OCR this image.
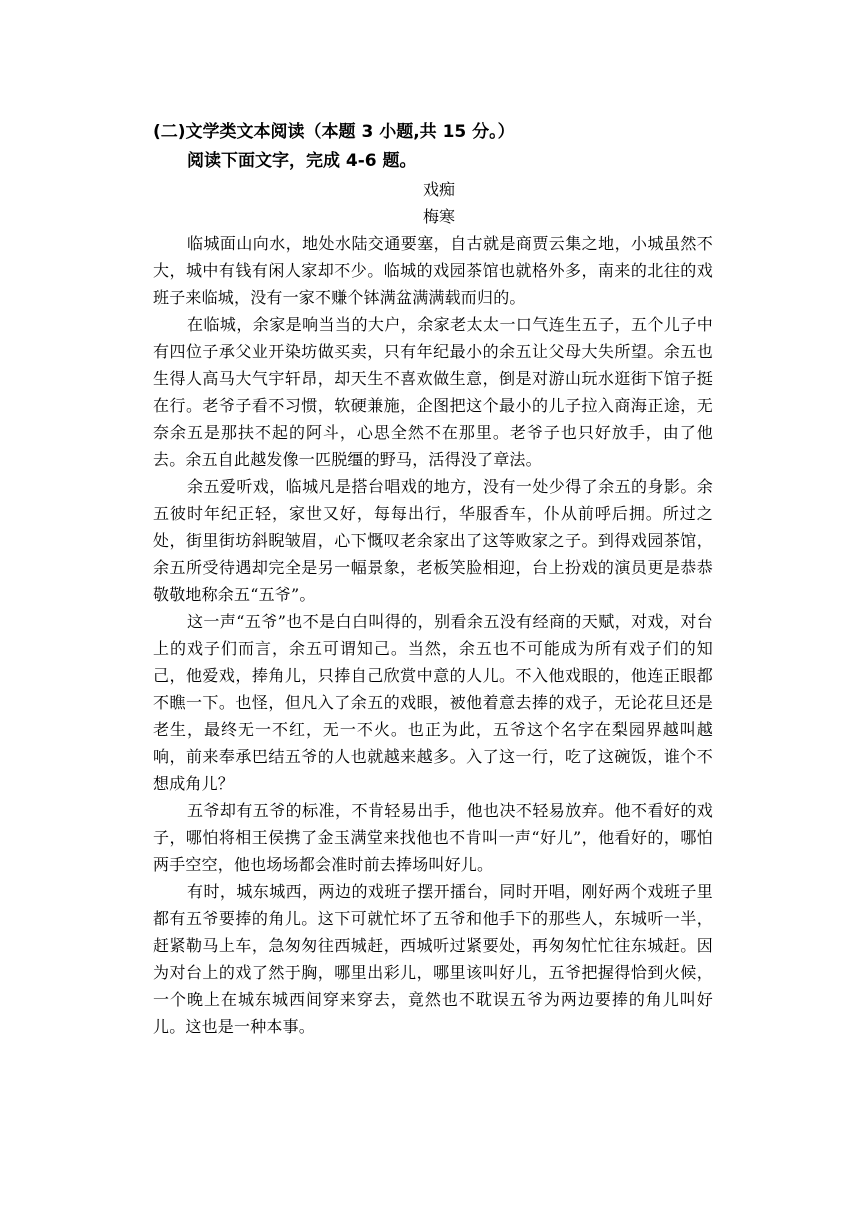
(二)文学类文本阅读（本题 3 小题,共 15 分。）
阅读下面文字，完成 4-6 题。
戏痴
梅寒

临城面山向水，地处水陆交通要塞，自古就是商贾云集之地，小城虽然不大，城中有钱有闲人家却不少。临城的戏园茶馆也就格外多，南来的北往的戏班子来临城，没有一家不赚个钵满盆满满载而归的。

在临城，余家是响当当的大户，余家老太太一口气连生五子，五个儿子中有四位子承父业开染坊做买卖，只有年纪最小的余五让父母大失所望。余五也生得人高马大气宇轩昂，却天生不喜欢做生意，倒是对游山玩水逛街下馆子挺在行。老爷子看不习惯，软硬兼施，企图把这个最小的儿子拉入商海正途，无奈余五是那扶不起的阿斗，心思全然不在那里。老爷子也只好放手，由了他去。余五自此越发像一匹脱缰的野马，活得没了章法。

余五爱听戏，临城凡是搭台唱戏的地方，没有一处少得了余五的身影。余五彼时年纪正轻，家世又好，每每出行，华服香车，仆从前呼后拥。所过之处，街里街坊斜睨皱眉，心下慨叹老余家出了这等败家之子。到得戏园茶馆，余五所受待遇却完全是另一幅景象，老板笑脸相迎，台上扮戏的演员更是恭恭敬敬地称余五“五爷”。

这一声“五爷”也不是白白叫得的，别看余五没有经商的天赋，对戏，对台上的戏子们而言，余五可谓知己。当然，余五也不可能成为所有戏子们的知己，他爱戏，捧角儿，只捧自己欣赏中意的人儿。不入他戏眼的，他连正眼都不瞧一下。也怪，但凡入了余五的戏眼，被他着意去捧的戏子，无论花旦还是老生，最终无一不红，无一不火。也正为此，五爷这个名字在梨园界越叫越响，前来奉承巴结五爷的人也就越来越多。入了这一行，吃了这碗饭，谁个不想成角儿？

五爷却有五爷的标准，不肯轻易出手，他也决不轻易放弃。他不看好的戏子，哪怕将相王侯携了金玉满堂来找他也不肯叫一声“好儿”，他看好的，哪怕两手空空，他也场场都会准时前去捧场叫好儿。

有时，城东城西，两边的戏班子摆开擂台，同时开唱，刚好两个戏班子里都有五爷要捧的角儿。这下可就忙坏了五爷和他手下的那些人，东城听一半，赶紧勒马上车，急匆匆往西城赶，西城听过紧要处，再匆匆忙忙往东城赶。因为对台上的戏了然于胸，哪里出彩儿，哪里该叫好儿，五爷把握得恰到火候，一个晚上在城东城西间穿来穿去，竟然也不耽误五爷为两边要捧的角儿叫好儿。这也是一种本事。
